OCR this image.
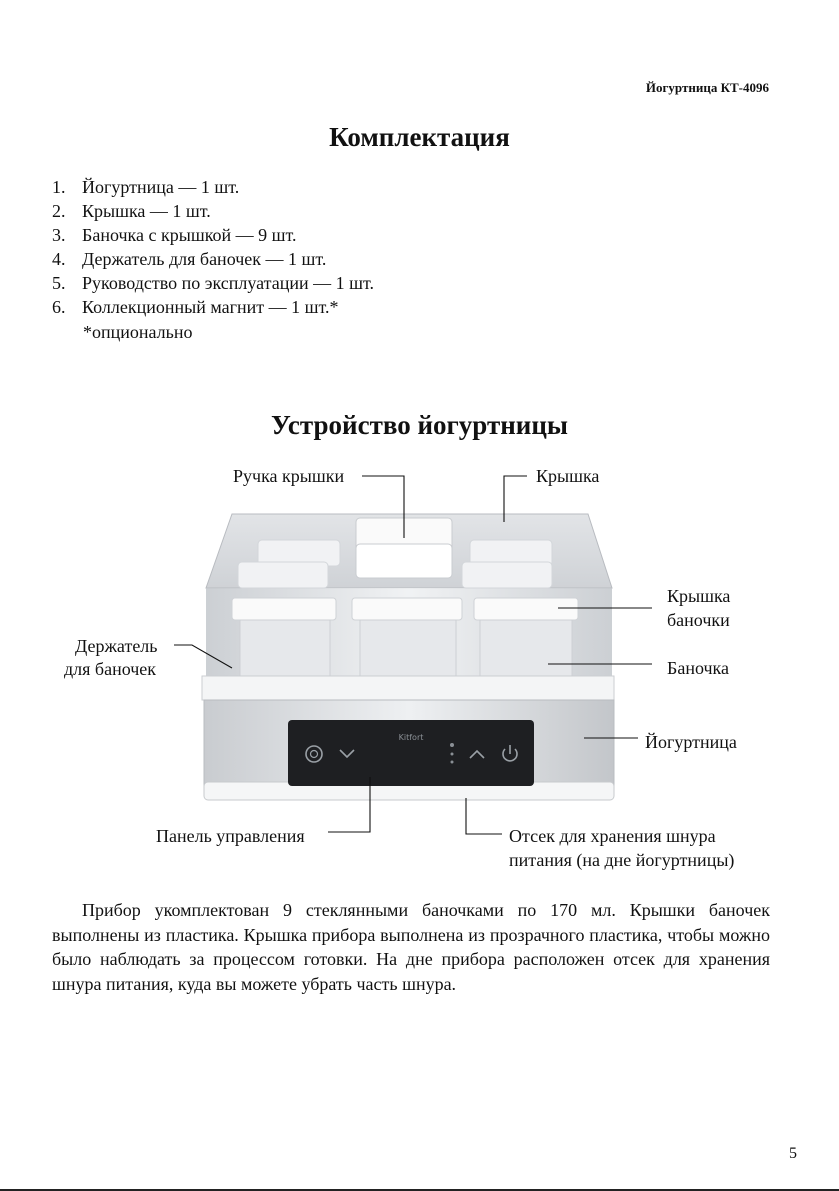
Йогуртница КТ-4096
Комплектация
1. Йогуртница — 1 шт.
2. Крышка — 1 шт.
3. Баночка с крышкой — 9 шт.
4. Держатель для баночек — 1 шт.
5. Руководство по эксплуатации — 1 шт.
6. Коллекционный магнит — 1 шт.*
*опционально
Устройство йогуртницы
Kitfort
Ручка крышки	Крышка
Крышка
баночки
Держатель
для баночек	Баночка
Йогуртница
Панель управления	Отсек для хранения шнура
питания (на дне йогуртницы)

Прибор укомплектован 9 стеклянными баночками по 170 мл. Крышки баночек выполнены из пластика. Крышка прибора выполнена из прозрачного пластика, чтобы можно было наблюдать за процессом готовки. На дне прибора расположен отсек для хранения шнура питания, куда вы можете убрать часть шнура.

5
